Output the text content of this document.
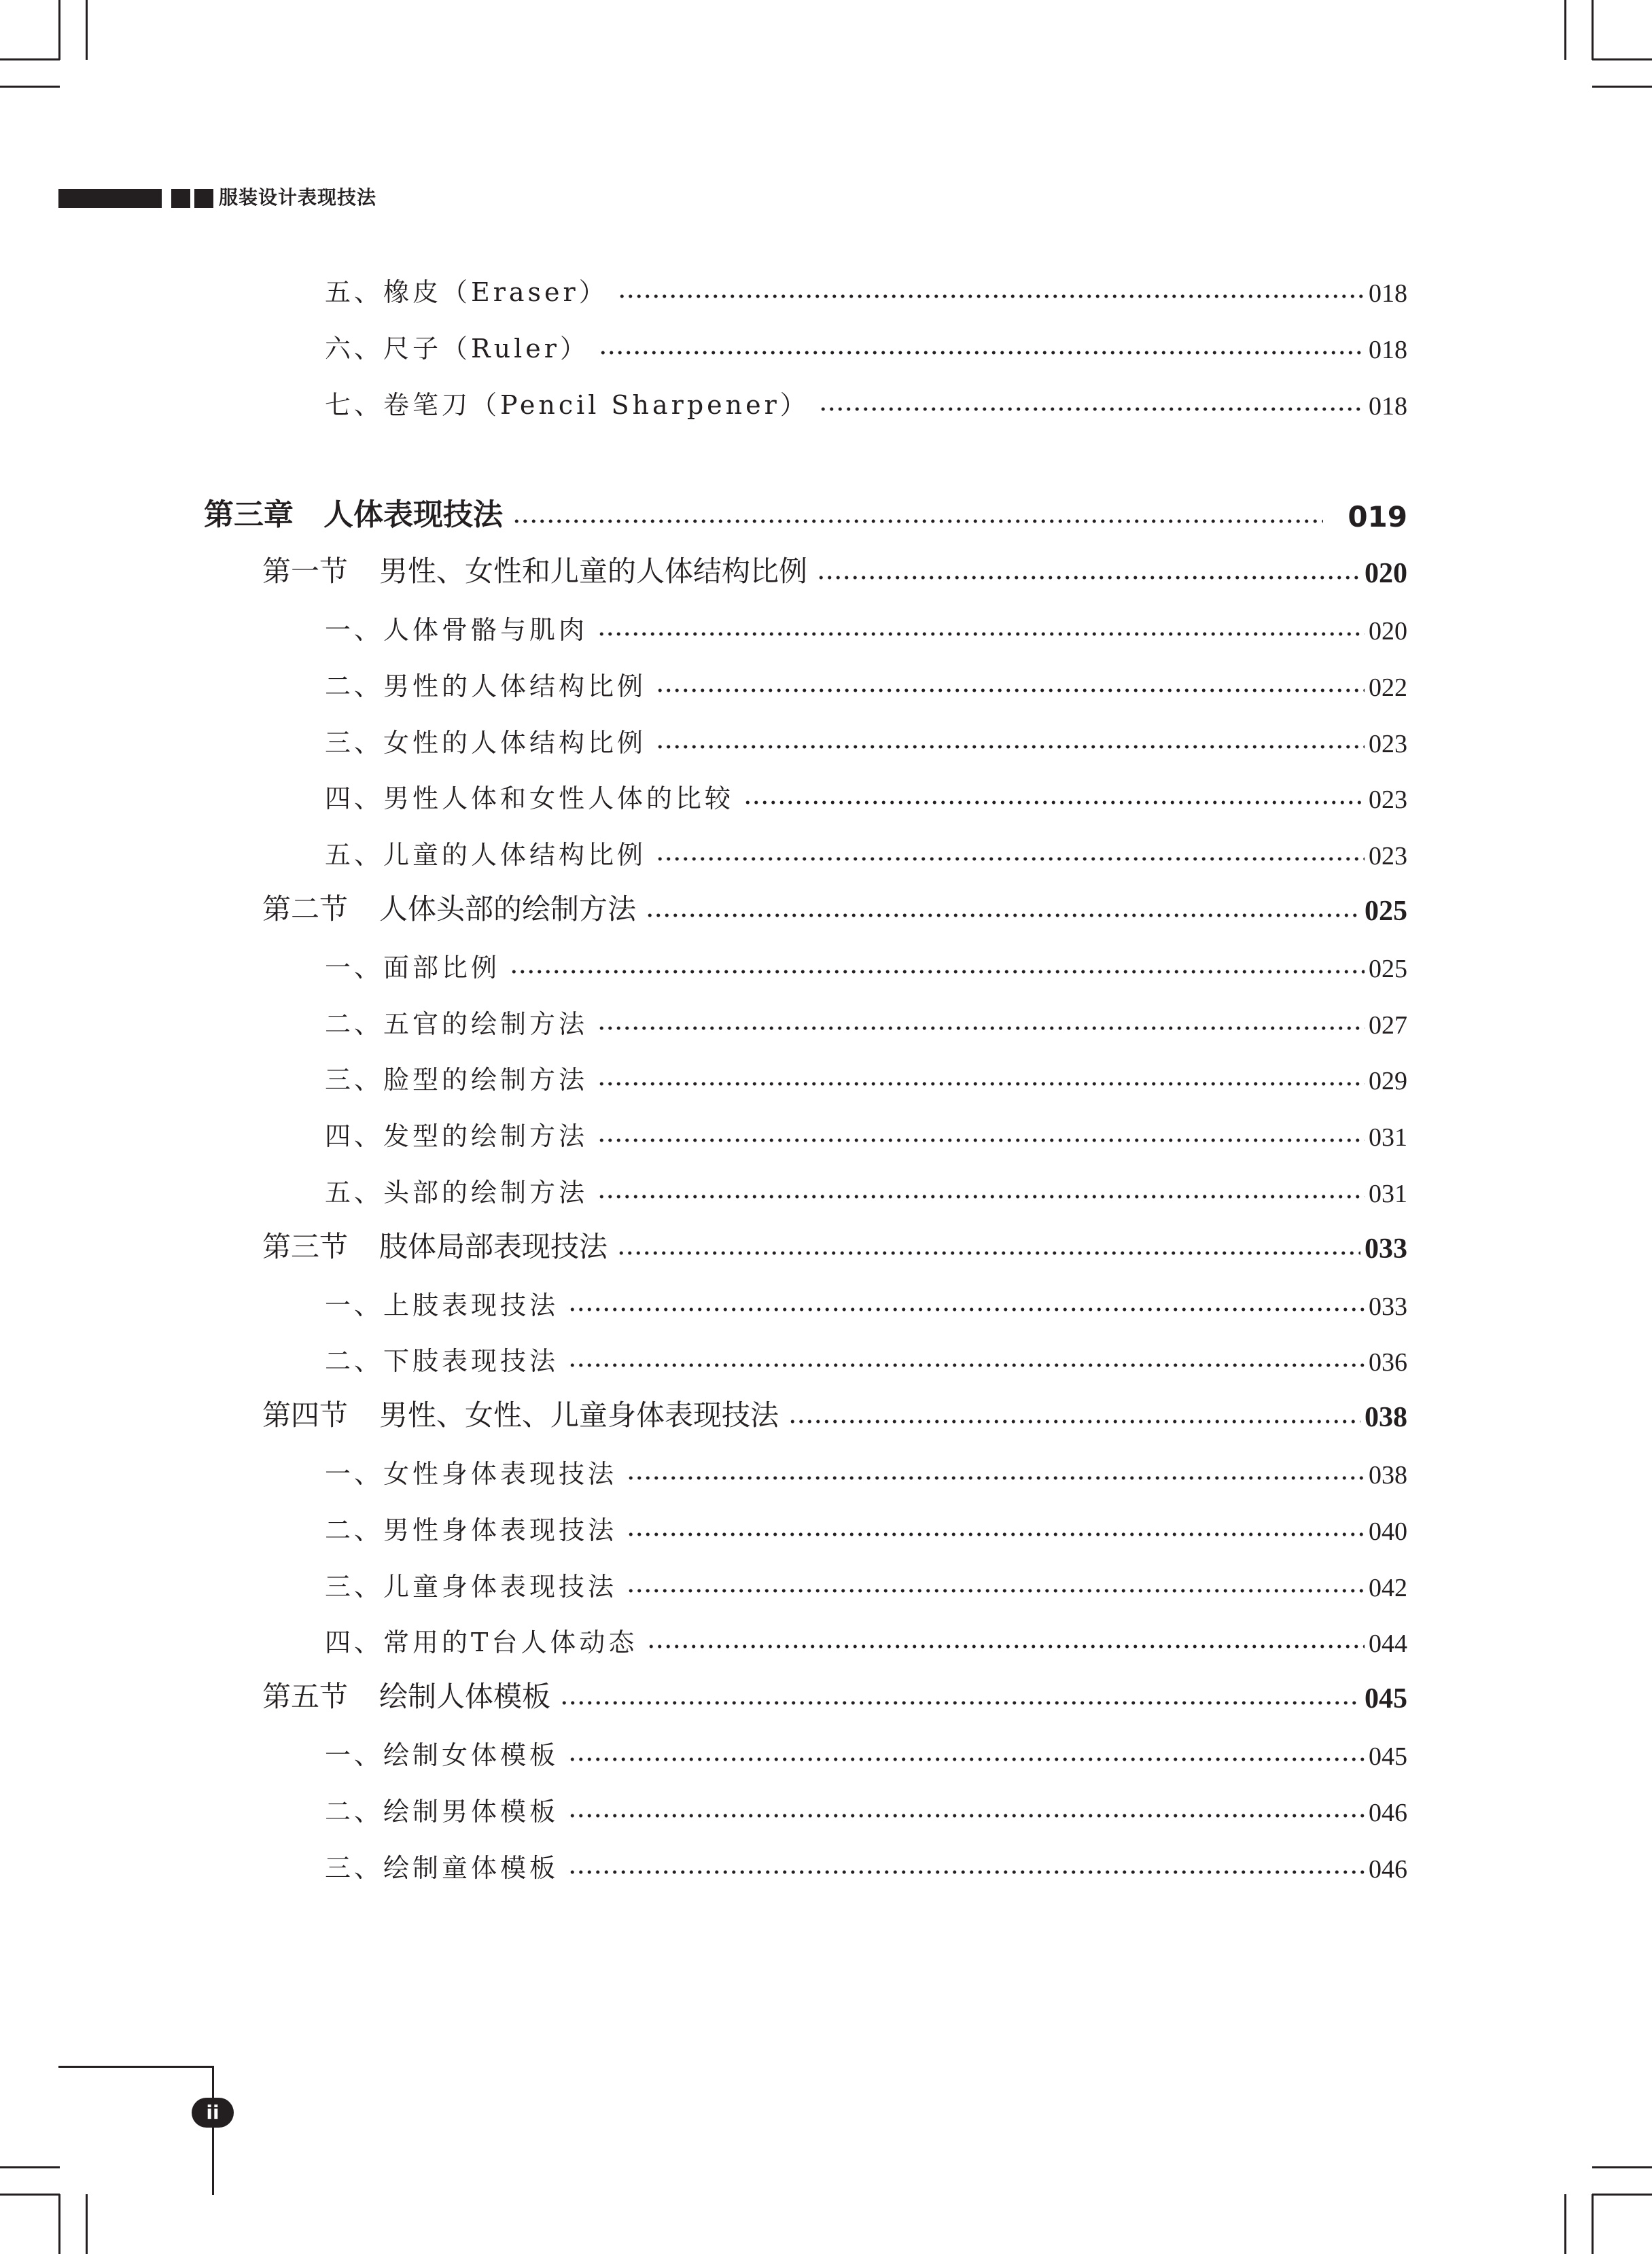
服装设计表现技法
五、橡皮（Eraser）	018
六、尺子（Ruler）	018
七、卷笔刀（Pencil Sharpener）	018
第三章 人体表现技法	019
第一节 男性、女性和儿童的人体结构比例	020
一、人体骨骼与肌肉	020
二、男性的人体结构比例	022
三、女性的人体结构比例	023
四、男性人体和女性人体的比较	023
五、儿童的人体结构比例	023
第二节 人体头部的绘制方法	025
一、面部比例	025
二、五官的绘制方法	027
三、脸型的绘制方法	029
四、发型的绘制方法	031
五、头部的绘制方法	031
第三节 肢体局部表现技法	033
一、上肢表现技法	033
二、下肢表现技法	036
第四节 男性、女性、儿童身体表现技法	038
一、女性身体表现技法	038
二、男性身体表现技法	040
三、儿童身体表现技法	042
四、常用的T台人体动态	044
第五节 绘制人体模板	045
一、绘制女体模板	045
二、绘制男体模板	046
三、绘制童体模板	046
ii
